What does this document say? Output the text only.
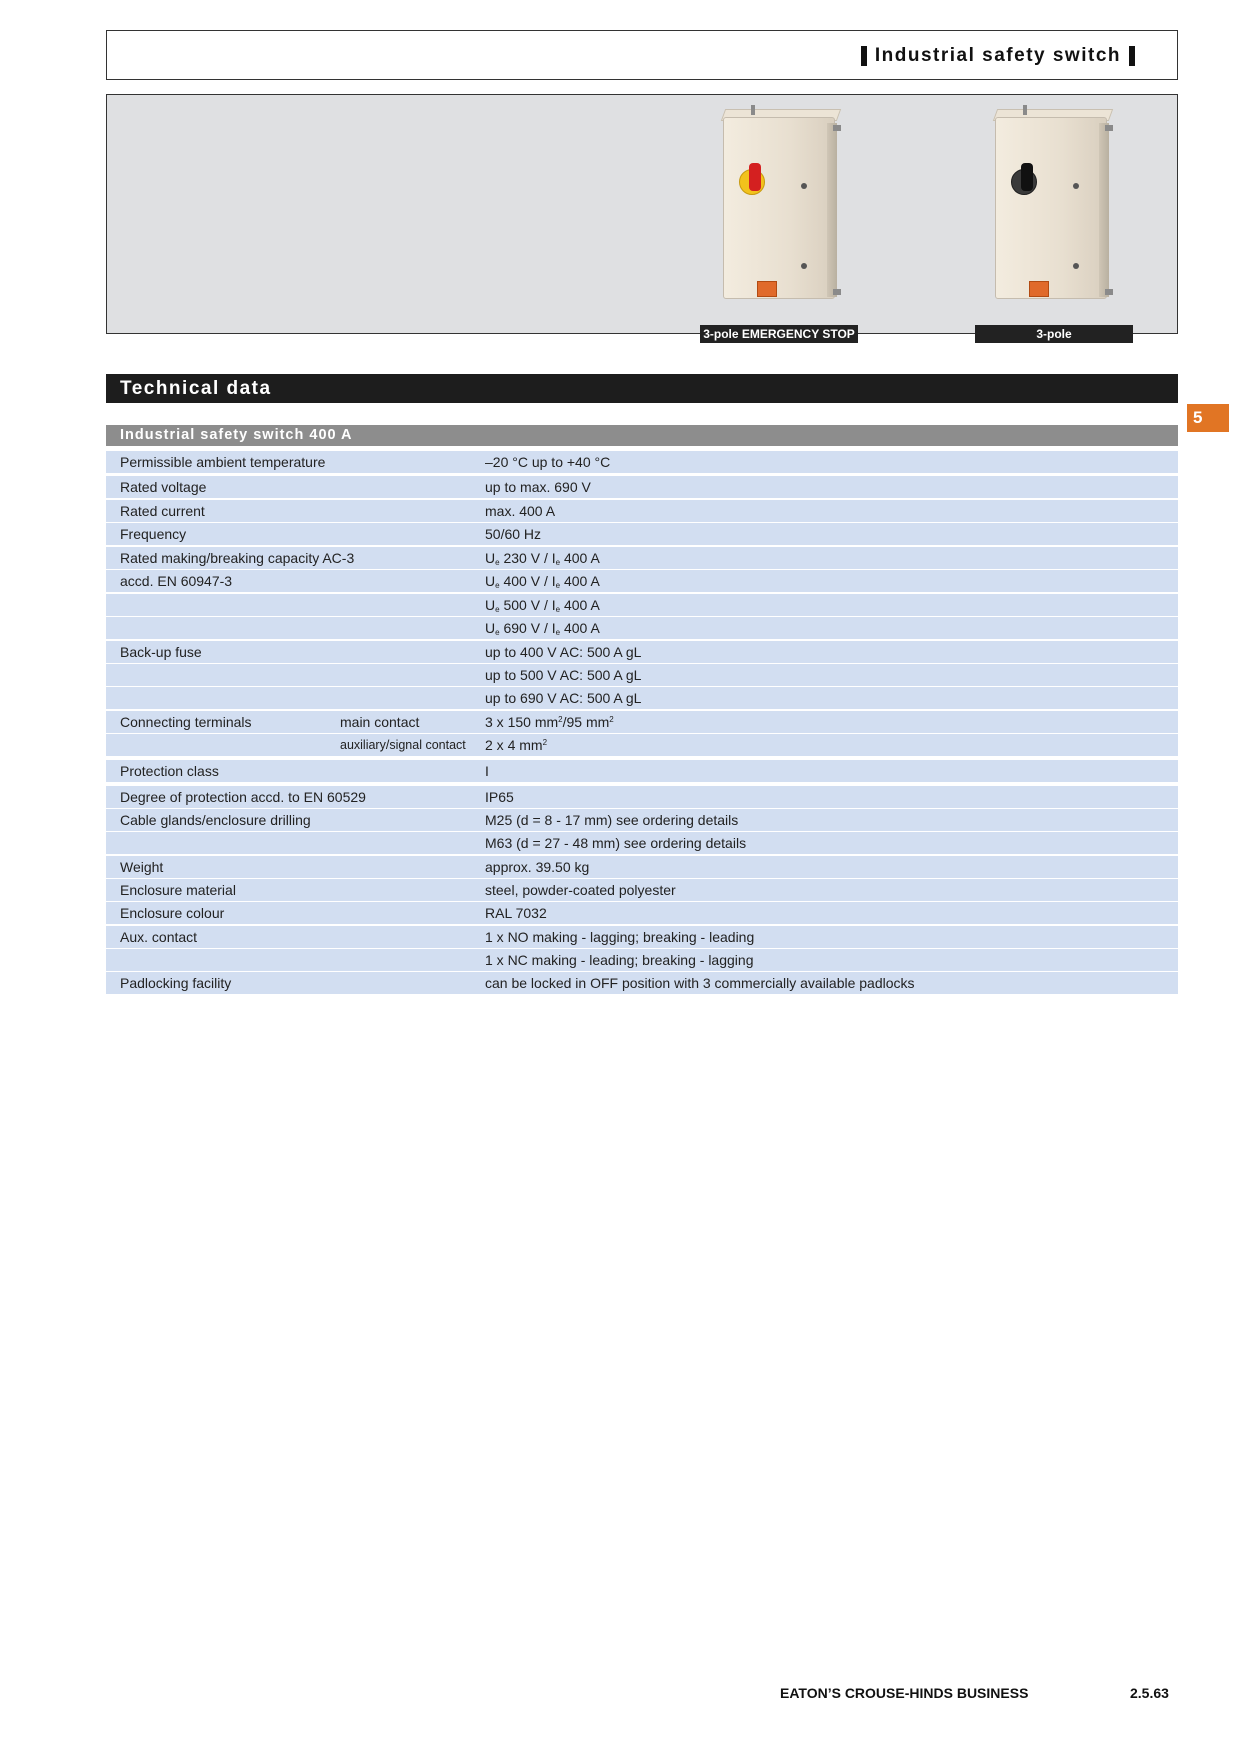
Industrial safety switch
3-pole EMERGENCY STOP	3-pole
Technical data
5
Industrial safety switch 400 A
Permissible ambient temperature	–20 °C up to +40 °C
Rated voltage	up to max. 690 V
Rated current	max. 400 A
Frequency	50/60 Hz
Rated making/breaking capacity AC-3	$U_e$ 230 V / $I_e$ 400 A
accd. EN 60947-3	$U_e$ 400 V / $I_e$ 400 A
$U_e$ 500 V / $I_e$ 400 A
$U_e$ 690 V / $I_e$ 400 A
Back-up fuse	up to 400 V AC: 500 A gL
up to 500 V AC: 500 A gL
up to 690 V AC: 500 A gL
Connecting terminals	main contact	3 x 150 $mm^2/95$ $mm^2$
auxiliary/signal contact 2 x 4 $mm^2$
Protection class	I
Degree of protection accd. to EN 60529	IP65
Cable glands/enclosure drilling	M25 (d = 8 - 17 mm) see ordering details
M63 (d = 27 - 48 mm) see ordering details
Weight	approx. 39.50 kg
Enclosure material	steel, powder-coated polyester
Enclosure colour	RAL 7032
Aux. contact	1 x NO making - lagging; breaking - leading
1 x NC making - leading; breaking - lagging
Padlocking facility	can be locked in OFF position with 3 commercially available padlocks
EATON’S CROUSE-HINDS BUSINESS	2.5.63
